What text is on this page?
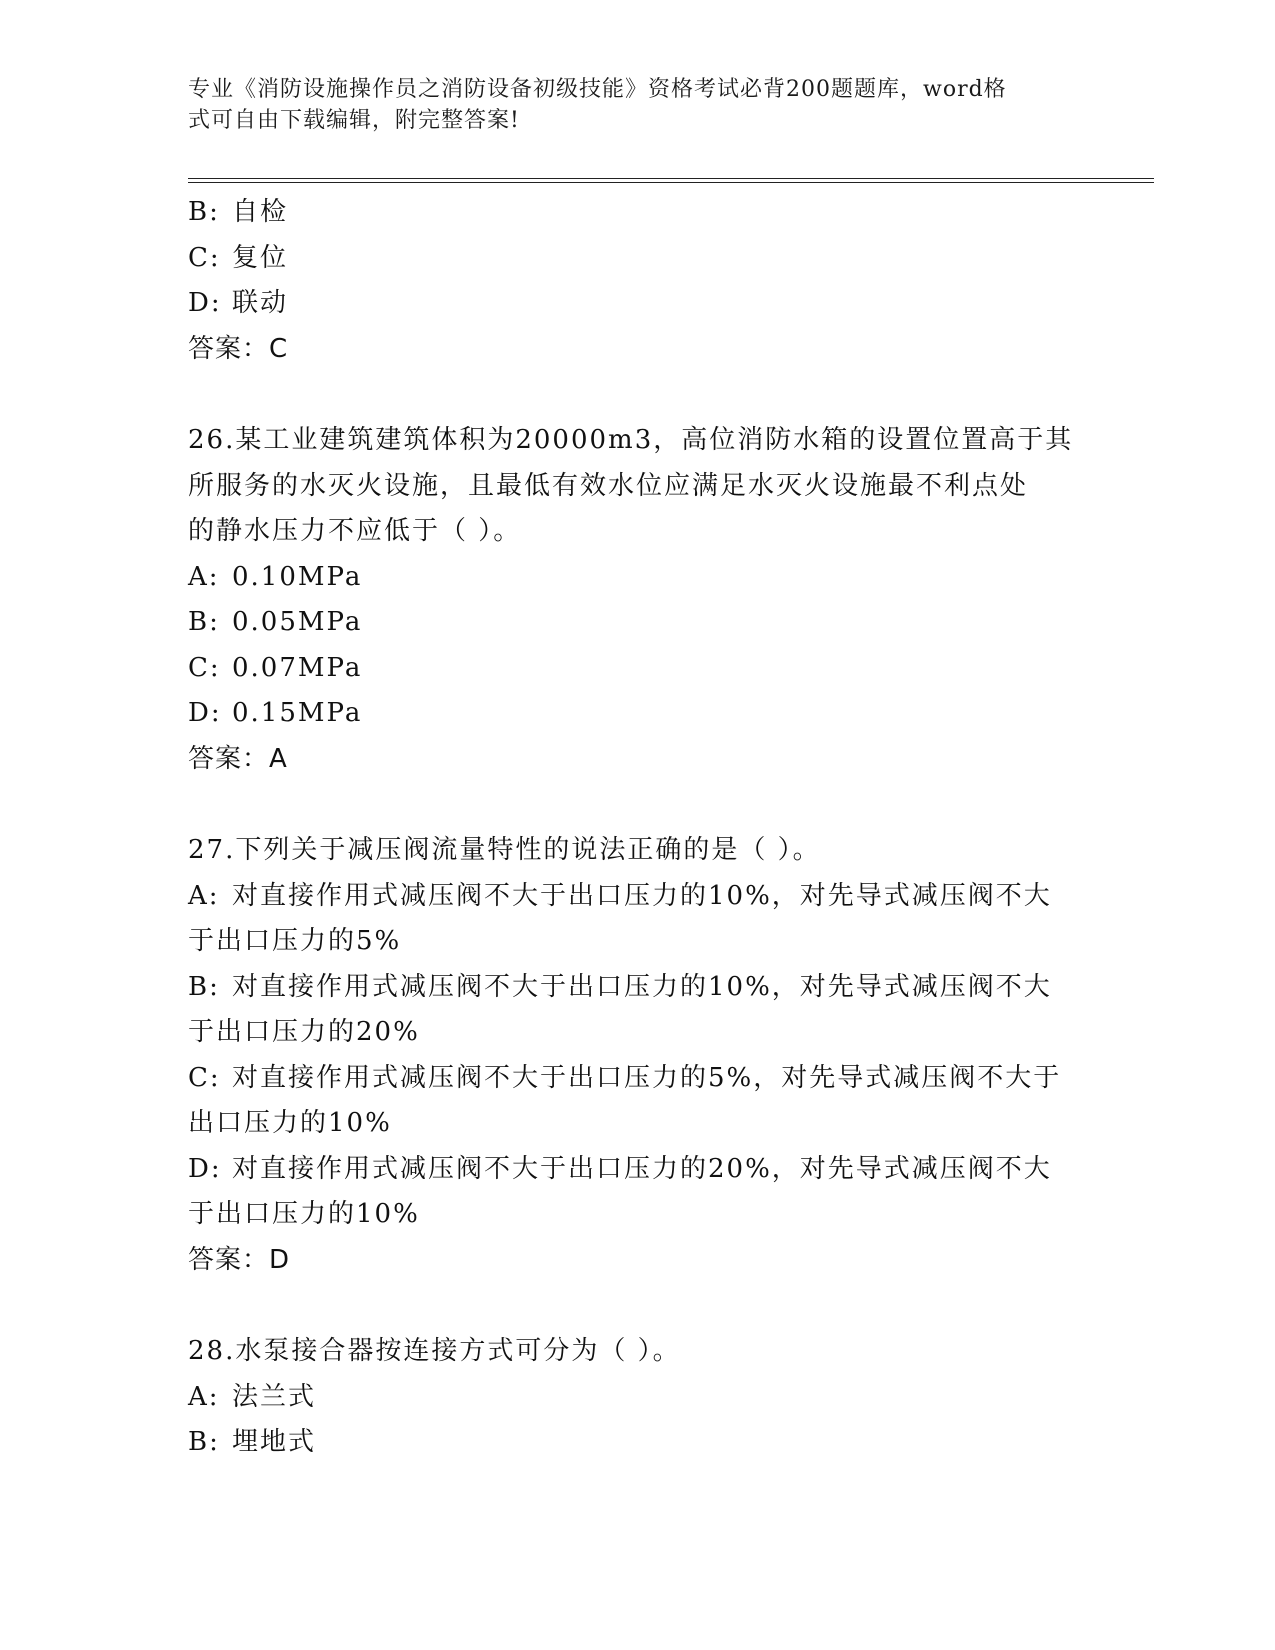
专业《消防设施操作员之消防设备初级技能》资格考试必背200题题库，word格
式可自由下载编辑，附完整答案!
B: 自检
C: 复位
D: 联动
答案：C
26.某工业建筑建筑体积为20000m3，高位消防水箱的设置位置高于其
所服务的水灭火设施，且最低有效水位应满足水灭火设施最不利点处
的静水压力不应低于（ ）。
A: 0.10MPa
B: 0.05MPa
C: 0.07MPa
D: 0.15MPa
答案：A
27.下列关于减压阀流量特性的说法正确的是（ ）。
A: 对直接作用式减压阀不大于出口压力的10%，对先导式减压阀不大
于出口压力的5%
B: 对直接作用式减压阀不大于出口压力的10%，对先导式减压阀不大
于出口压力的20%
C: 对直接作用式减压阀不大于出口压力的5%，对先导式减压阀不大于
出口压力的10%
D: 对直接作用式减压阀不大于出口压力的20%，对先导式减压阀不大
于出口压力的10%
答案：D
28.水泵接合器按连接方式可分为（ ）。
A: 法兰式
B: 埋地式
